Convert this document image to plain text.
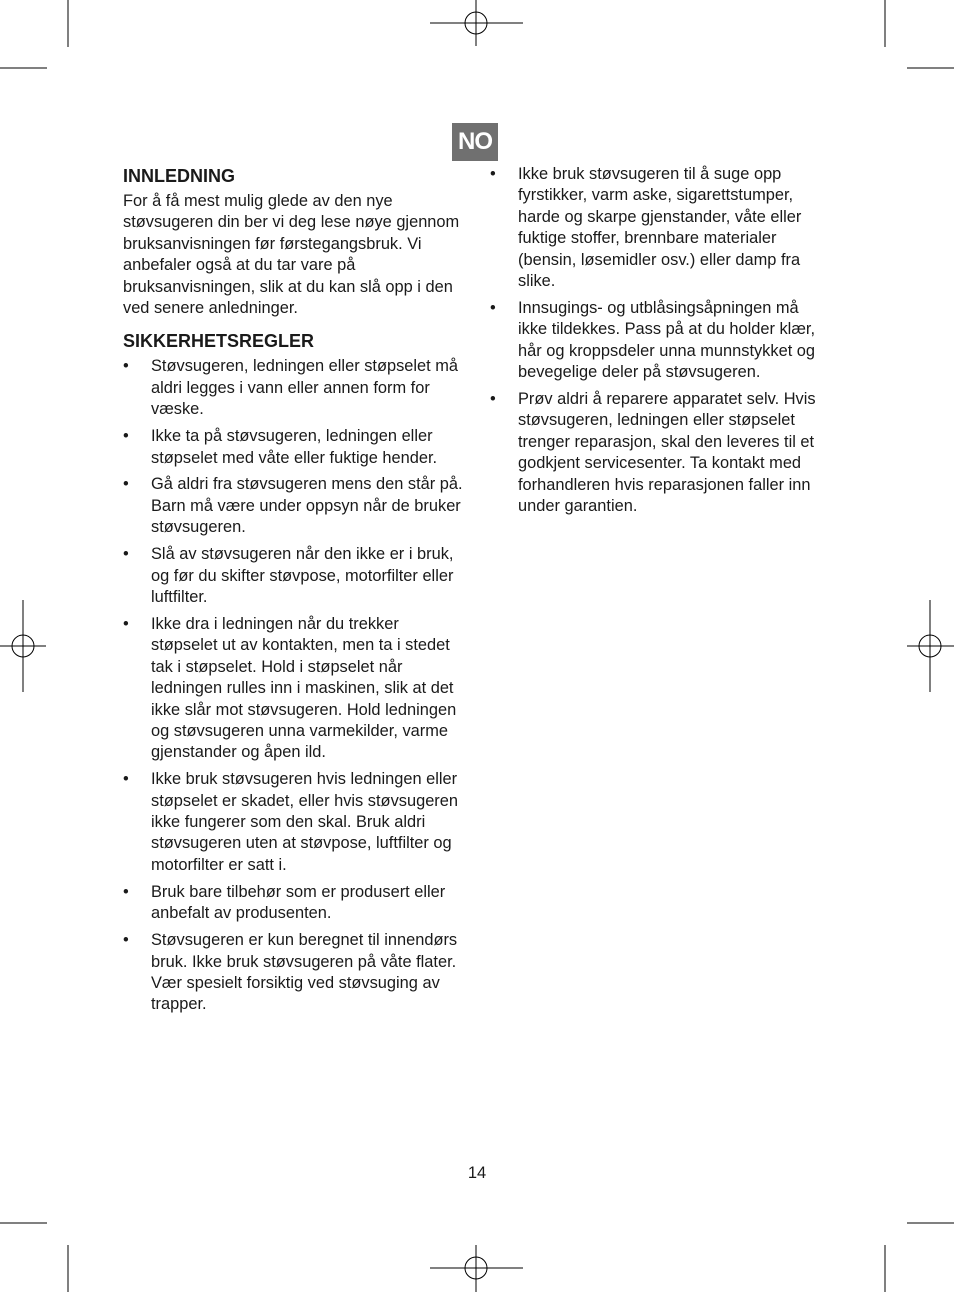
NO
INNLEDNING

For å få mest mulig glede av den nye støvsugeren din ber vi deg lese nøye gjennom bruksanvisningen før førstegangsbruk. Vi anbefaler også at du tar vare på bruksanvisningen, slik at du kan slå opp i den ved senere anledninger.

SIKKERHETSREGLER
• Støvsugeren, ledningen eller støpselet må aldri legges i vann eller annen form for væske.
• Ikke ta på støvsugeren, ledningen eller støpselet med våte eller fuktige hender.
• Gå aldri fra støvsugeren mens den står på. Barn må være under oppsyn når de bruker støvsugeren.
• Slå av støvsugeren når den ikke er i bruk, og før du skifter støvpose, motorfilter eller luftfilter.
• Ikke dra i ledningen når du trekker støpselet ut av kontakten, men ta i stedet tak i støpselet. Hold i støpselet når ledningen rulles inn i maskinen, slik at det ikke slår mot støvsugeren. Hold ledningen og støvsugeren unna varmekilder, varme gjenstander og åpen ild.
• Ikke bruk støvsugeren hvis ledningen eller støpselet er skadet, eller hvis støvsugeren ikke fungerer som den skal. Bruk aldri støvsugeren uten at støvpose, luftfilter og motorfilter er satt i.
• Bruk bare tilbehør som er produsert eller anbefalt av produsenten.
• Støvsugeren er kun beregnet til innendørs bruk. Ikke bruk støvsugeren på våte flater. Vær spesielt forsiktig ved støvsuging av trapper.
• Ikke bruk støvsugeren til å suge opp fyrstikker, varm aske, sigarettstumper, harde og skarpe gjenstander, våte eller fuktige stoffer, brennbare materialer (bensin, løsemidler osv.) eller damp fra slike.
• Innsugings- og utblåsingsåpningen må ikke tildekkes. Pass på at du holder klær, hår og kroppsdeler unna munnstykket og bevegelige deler på støvsugeren.
• Prøv aldri å reparere apparatet selv. Hvis støvsugeren, ledningen eller støpselet trenger reparasjon, skal den leveres til et godkjent servicesenter. Ta kontakt med forhandleren hvis reparasjonen faller inn under garantien.
14
